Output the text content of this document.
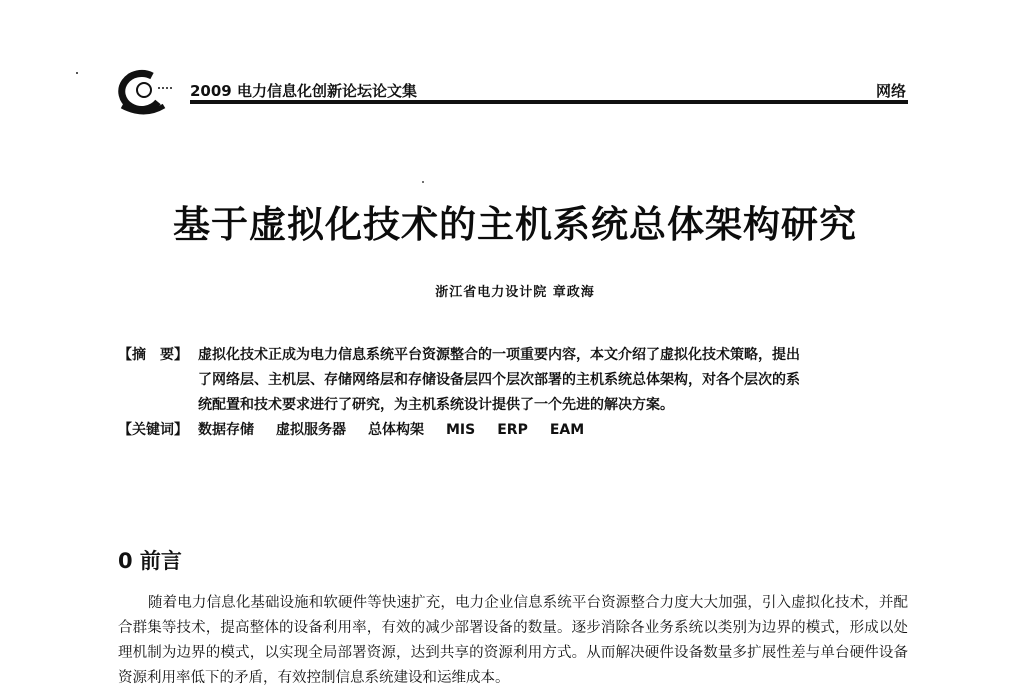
2009 电力信息化创新论坛论文集	网络
基于虚拟化技术的主机系统总体架构研究
浙江省电力设计院 章政海
【摘　要】 虚拟化技术正成为电力信息系统平台资源整合的一项重要内容，本文介绍了虚拟化技术策略，提出了网络层、主机层、存储网络层和存储设备层四个层次部署的主机系统总体架构，对各个层次的系统配置和技术要求进行了研究，为主机系统设计提供了一个先进的解决方案。
【关键词】 数据存储 虚拟服务器 总体构架 MIS ERP EAM
0 前言
随着电力信息化基础设施和软硬件等快速扩充，电力企业信息系统平台资源整合力度大大加强，引入虚拟化技术，并配合群集等技术，提高整体的设备利用率，有效的减少部署设备的数量。逐步消除各业务系统以类别为边界的模式，形成以处理机制为边界的模式，以实现全局部署资源，达到共享的资源利用方式。从而解决硬件设备数量多扩展性差与单台硬件设备资源利用率低下的矛盾，有效控制信息系统建设和运维成本。
